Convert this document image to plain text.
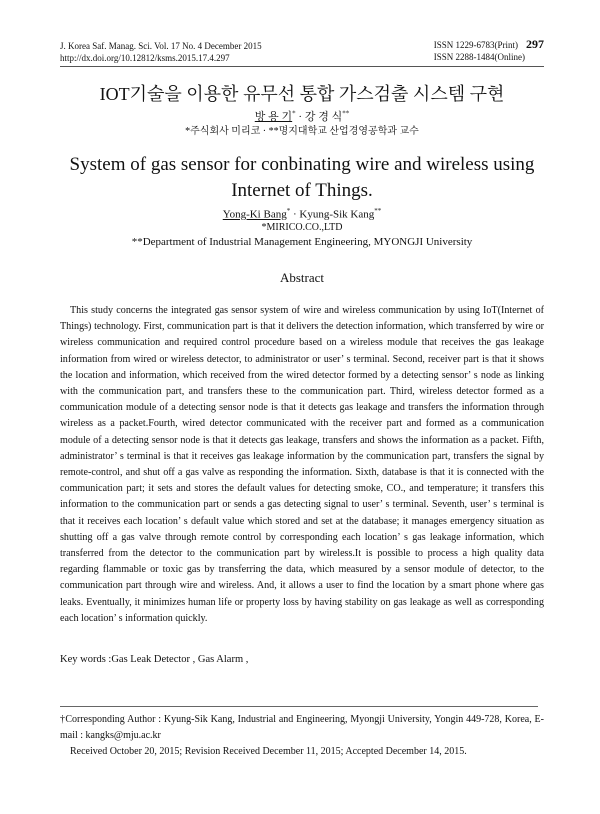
J. Korea Saf. Manag. Sci. Vol. 17 No. 4 December 2015
http://dx.doi.org/10.12812/ksms.2015.17.4.297
ISSN 1229-6783(Print) 297
ISSN 2288-1484(Online)
IOT기술을 이용한 유무선 통합 가스검출 시스템 구현
방 용 기* · 강 경 식**
*주식회사 미리코 · **명지대학교 산업경영공학과 교수
System of gas sensor for conbinating wire and wireless using
Internet of Things.
Yong-Ki Bang* · Kyung-Sik Kang**
*MIRICO.CO.,LTD
**Department of Industrial Management Engineering, MYONGJI University
Abstract

This study concerns the integrated gas sensor system of wire and wireless communication by using IoT(Internet of Things) technology. First, communication part is that it delivers the detection information, which transferred by wire or wireless communication and required control procedure based on a wireless module that receives the gas leakage information from wired or wireless detector, to administrator or user’ s terminal. Second, receiver part is that it shows the location and information, which received from the wired detector formed by a detecting sensor’ s node as linking with the communication part, and transfers these to the communication part. Third, wireless detector formed as a communication module of a detecting sensor node is that it detects gas leakage and transfers the information through wireless as a packet.Fourth, wired detector communicated with the receiver part and formed as a communication module of a detecting sensor node is that it detects gas leakage, transfers and shows the information as a packet. Fifth, administrator’ s terminal is that it receives gas leakage information by the communication part, transfers the signal by remote-control, and shut off a gas valve as responding the information. Sixth, database is that it is connected with the communication part; it sets and stores the default values for detecting smoke, CO., and temperature; it transfers this information to the communication part or sends a gas detecting signal to user’ s terminal. Seventh, user’ s terminal is that it receives each location’ s default value which stored and set at the database; it manages emergency situation as shutting off a gas valve through remote control by corresponding each location’ s gas leakage information, which transferred from the detector to the communication part by wireless.It is possible to process a high quality data regarding flammable or toxic gas by transferring the data, which measured by a sensor module of detector, to the communication part through wire and wireless. And, it allows a user to find the location by a smart phone where gas leaks. Eventually, it minimizes human life or property loss by having stability on gas leakage as well as corresponding each location’ s information quickly.

Key words :Gas Leak Detector , Gas Alarm ,
†Corresponding Author : Kyung-Sik Kang, Industrial and Engineering, Myongji University, Yongin 449-728, Korea, E-mail : kangks@mju.ac.kr
Received October 20, 2015; Revision Received December 11, 2015; Accepted December 14, 2015.
